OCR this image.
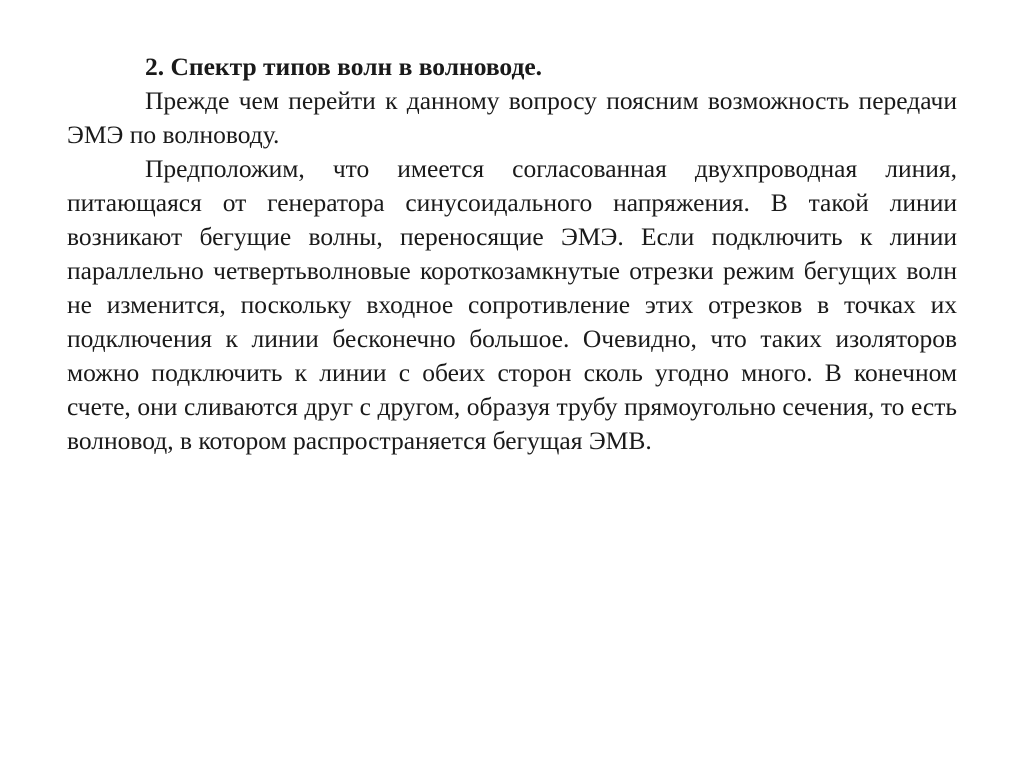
2. Спектр типов волн в волноводе.

Прежде чем перейти к данному вопросу поясним возможность передачи ЭМЭ по волноводу.

Предположим, что имеется согласованная двухпроводная линия, питающаяся от генератора синусоидального напряжения. В такой линии возникают бегущие волны, переносящие ЭМЭ. Если подключить к линии параллельно четвертьволновые короткозамкнутые отрезки режим бегущих волн не изменится, поскольку входное сопротивление этих отрезков в точках их подключения к линии бесконечно большое. Очевидно, что таких изоляторов можно подключить к линии с обеих сторон сколь угодно много. В конечном счете, они сливаются друг с другом, образуя трубу прямоугольно сечения, то есть волновод, в котором распространяется бегущая ЭМВ.
